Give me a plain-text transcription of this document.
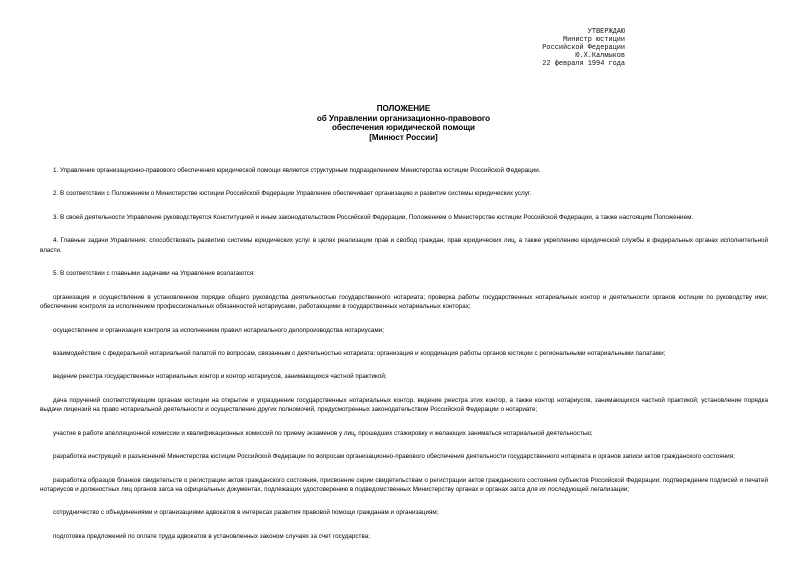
УТВЕРЖДАЮ
Министр юстиции
Российской Федерации
Ю.Х.Калмыков
22 февраля 1994 года
ПОЛОЖЕНИЕ
об Управлении организационно-правового
обеспечения юридической помощи
[Минюст России]

1. Управление организационно-правового обеспечения юридической помощи является структурным подразделением Министерства юстиции Российской Федерации.

2. В соответствии с Положением о Министерстве юстиции Российской Федерации Управление обеспечивает организацию и развитие системы юридических услуг.

3. В своей деятельности Управление руководствуется Конституцией и иным законодательством Российской Федерации, Положением о Министерстве юстиции Российской Федерации, а также настоящим Положением.

4. Главные задачи Управления: способствовать развитию системы юридических услуг в целях реализации прав и свобод граждан, прав юридических лиц, а также укреплению юридической службы в федеральных органах исполнительной власти.

5. В соответствии с главными задачами на Управление возлагаются:

организация и осуществление в установленном порядке общего руководства деятельностью государственного нотариата; проверка работы государственных нотариальных контор и деятельности органов юстиции по руководству ими; обеспечение контроля за исполнением профессиональных обязанностей нотариусами, работающими в государственных нотариальных конторах;

осуществление и организация контроля за исполнением правил нотариального делопроизводства нотариусами;

взаимодействие с федеральной нотариальной палатой по вопросам, связанным с деятельностью нотариата; организация и координация работы органов юстиции с региональными нотариальными палатами;

ведение реестра государственных нотариальных контор и контор нотариусов, занимающихся частной практикой;

дача поручений соответствующим органам юстиции на открытие и упразднение государственных нотариальных контор, ведение реестра этих контор, а также контор нотариусов, занимающихся частной практикой; установление порядка выдачи лицензий на право нотариальной деятельности и осуществление других полномочий, предусмотренных законодательством Российской Федерации о нотариате;

участие в работе апелляционной комиссии и квалификационных комиссий по приему экзаменов у лиц, прошедших стажировку и желающих заниматься нотариальной деятельностью;

разработка инструкций и разъяснений Министерства юстиции Российской Федерации по вопросам организационно-правового обеспечения деятельности государственного нотариата и органов записи актов гражданского состояния;

разработка образцов бланков свидетельств о регистрации актов гражданского состояния, присвоение серии свидетельствам о регистрации актов гражданского состояния субъектов Российской Федерации; подтверждение подписей и печатей нотариусов и должностных лиц органов загса на официальных документах, подлежащих удостоверению в подведомственных Министерству органах и органах загса для их последующей легализации;

сотрудничество с объединениями и организациями адвокатов в интересах развития правовой помощи гражданам и организациям;

подготовка предложений по оплате труда адвокатов в установленных законом случаях за счет государства;
